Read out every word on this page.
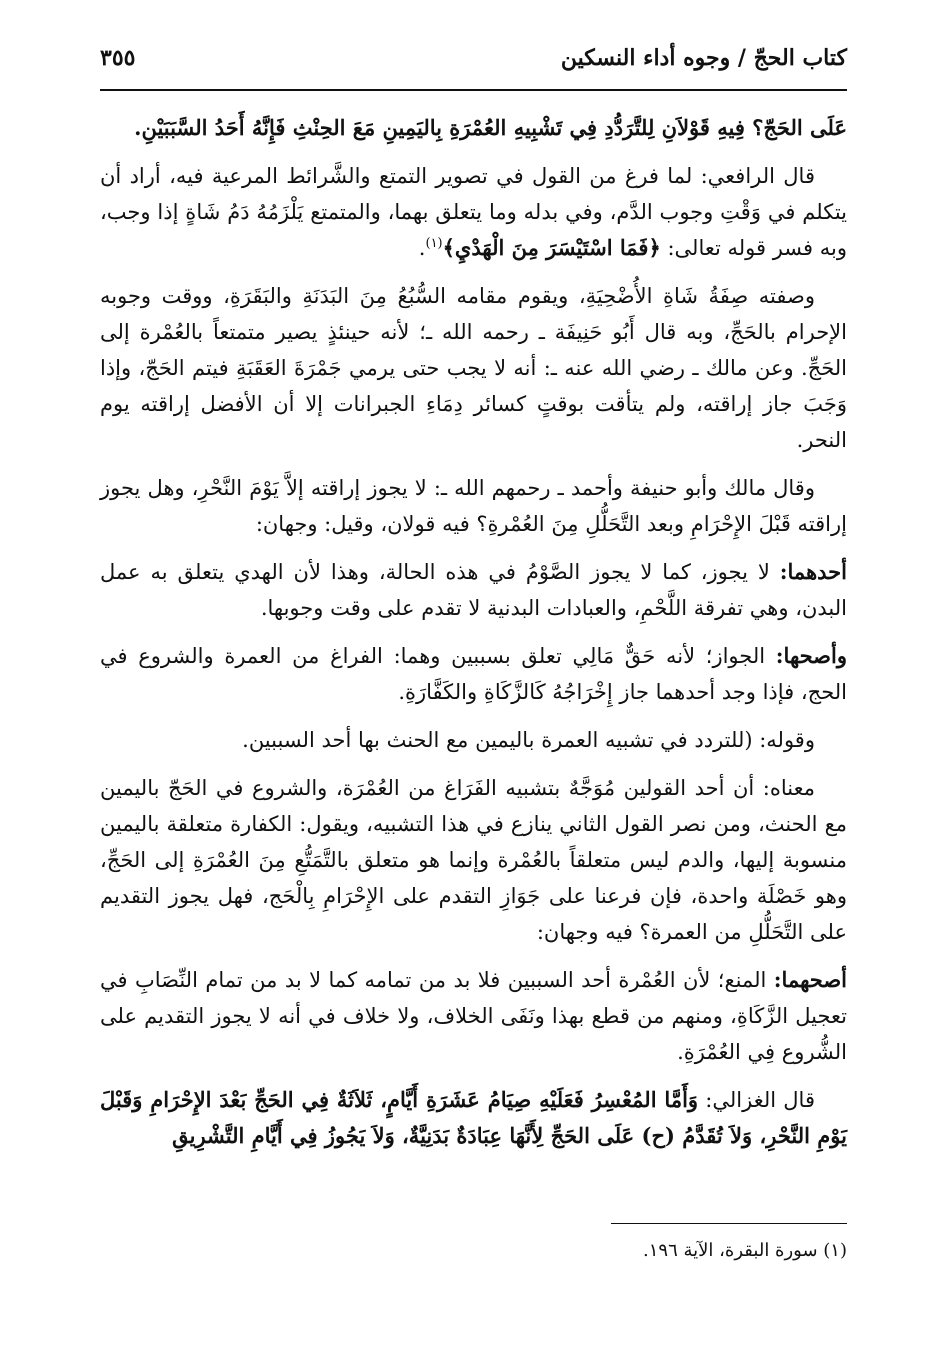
كتاب الحجّ / وجوه أداء النسكين
٣٥٥

عَلَى الحَجّ؟ فِيهِ قَوْلاَنِ لِلتَّرَدُّدِ فِي تَشْبِيهِ العُمْرَةِ بِاليَمِينِ مَعَ الحِنْثِ فَإِنَّهُ أَحَدُ السَّبَبَيْنِ.

قال الرافعي: لما فرغ من القول في تصوير التمتع والشَّرائط المرعية فيه، أراد أن يتكلم في وَقْتِ وجوب الدَّم، وفي بدله وما يتعلق بهما، والمتمتع يَلْزَمُهُ دَمُ شَاةٍ إذا وجب، وبه فسر قوله تعالى: ﴿فَمَا اسْتَيْسَرَ مِنَ الْهَدْيِ﴾$^{(١)}$.

وصفته صِفَةُ شَاةِ الأُضْحِيَةِ، ويقوم مقامه السُّبُعُ مِنَ البَدَنَةِ والبَقَرَةِ، ووقت وجوبه الإحرام بالحَجِّ، وبه قال أَبُو حَنِيفَة ـ رحمه الله ـ؛ لأنه حينئذٍ يصير متمتعاً بالعُمْرة إلى الحَجِّ. وعن مالك ـ رضي الله عنه ـ: أنه لا يجب حتى يرمي جَمْرَةَ العَقَبَةِ فيتم الحَجّ، وإذا وَجَبَ جاز إراقته، ولم يتأقت بوقتٍ كسائر دِمَاءِ الجبرانات إلا أن الأفضل إراقته يوم النحر.

وقال مالك وأبو حنيفة وأحمد ـ رحمهم الله ـ: لا يجوز إراقته إلاَّ يَوْمَ النَّحْرِ، وهل يجوز إراقته قَبْلَ الإِحْرَامِ وبعد التَّحَلُّلِ مِنَ العُمْرةِ؟ فيه قولان، وقيل: وجهان:

أحدهما: لا يجوز، كما لا يجوز الصَّوْمُ في هذه الحالة، وهذا لأن الهدي يتعلق به عمل البدن، وهي تفرقة اللَّحْمِ، والعبادات البدنية لا تقدم على وقت وجوبها.

وأصحها: الجواز؛ لأنه حَقٌّ مَالِي تعلق بسببين وهما: الفراغ من العمرة والشروع في الحج، فإذا وجد أحدهما جاز إِخْرَاجُهُ كَالزَّكَاةِ والكَفَّارَةِ.

وقوله: (للتردد في تشبيه العمرة باليمين مع الحنث بها أحد السببين.

معناه: أن أحد القولين مُوَجَّهٌ بتشبيه الفَرَاغ من العُمْرَة، والشروع في الحَجّ باليمين مع الحنث، ومن نصر القول الثاني ينازع في هذا التشبيه، ويقول: الكفارة متعلقة باليمين منسوبة إليها، والدم ليس متعلقاً بالعُمْرة وإنما هو متعلق بالتَّمَتُّعِ مِنَ العُمْرَةِ إلى الحَجِّ، وهو خَصْلَة واحدة، فإن فرعنا على جَوَازِ التقدم على الإِحْرَامِ بِالْحَج، فهل يجوز التقديم على التَّحَلُّلِ من العمرة؟ فيه وجهان:

أصحهما: المنع؛ لأن العُمْرة أحد السببين فلا بد من تمامه كما لا بد من تمام النِّصَابِ في تعجيل الزَّكَاةِ، ومنهم من قطع بهذا ونَفَى الخلاف، ولا خلاف في أنه لا يجوز التقديم على الشُّروع فِي العُمْرَةِ.

قال الغزالي: وَأَمَّا المُعْسِرُ فَعَلَيْهِ صِيَامُ عَشَرَةِ أَيَّامٍ، ثَلاَثَةٌ فِي الحَجِّ بَعْدَ الإِحْرَامِ وَقَبْلَ يَوْمِ النَّحْرِ، وَلاَ تُقَدَّمُ (ح) عَلَى الحَجِّ لِأَنَّهَا عِبَادَةٌ بَدَنِيَّةٌ، وَلاَ يَجُوزُ فِي أَيَّامِ التَّشْرِيقِ

(١) سورة البقرة، الآية ١٩٦.
